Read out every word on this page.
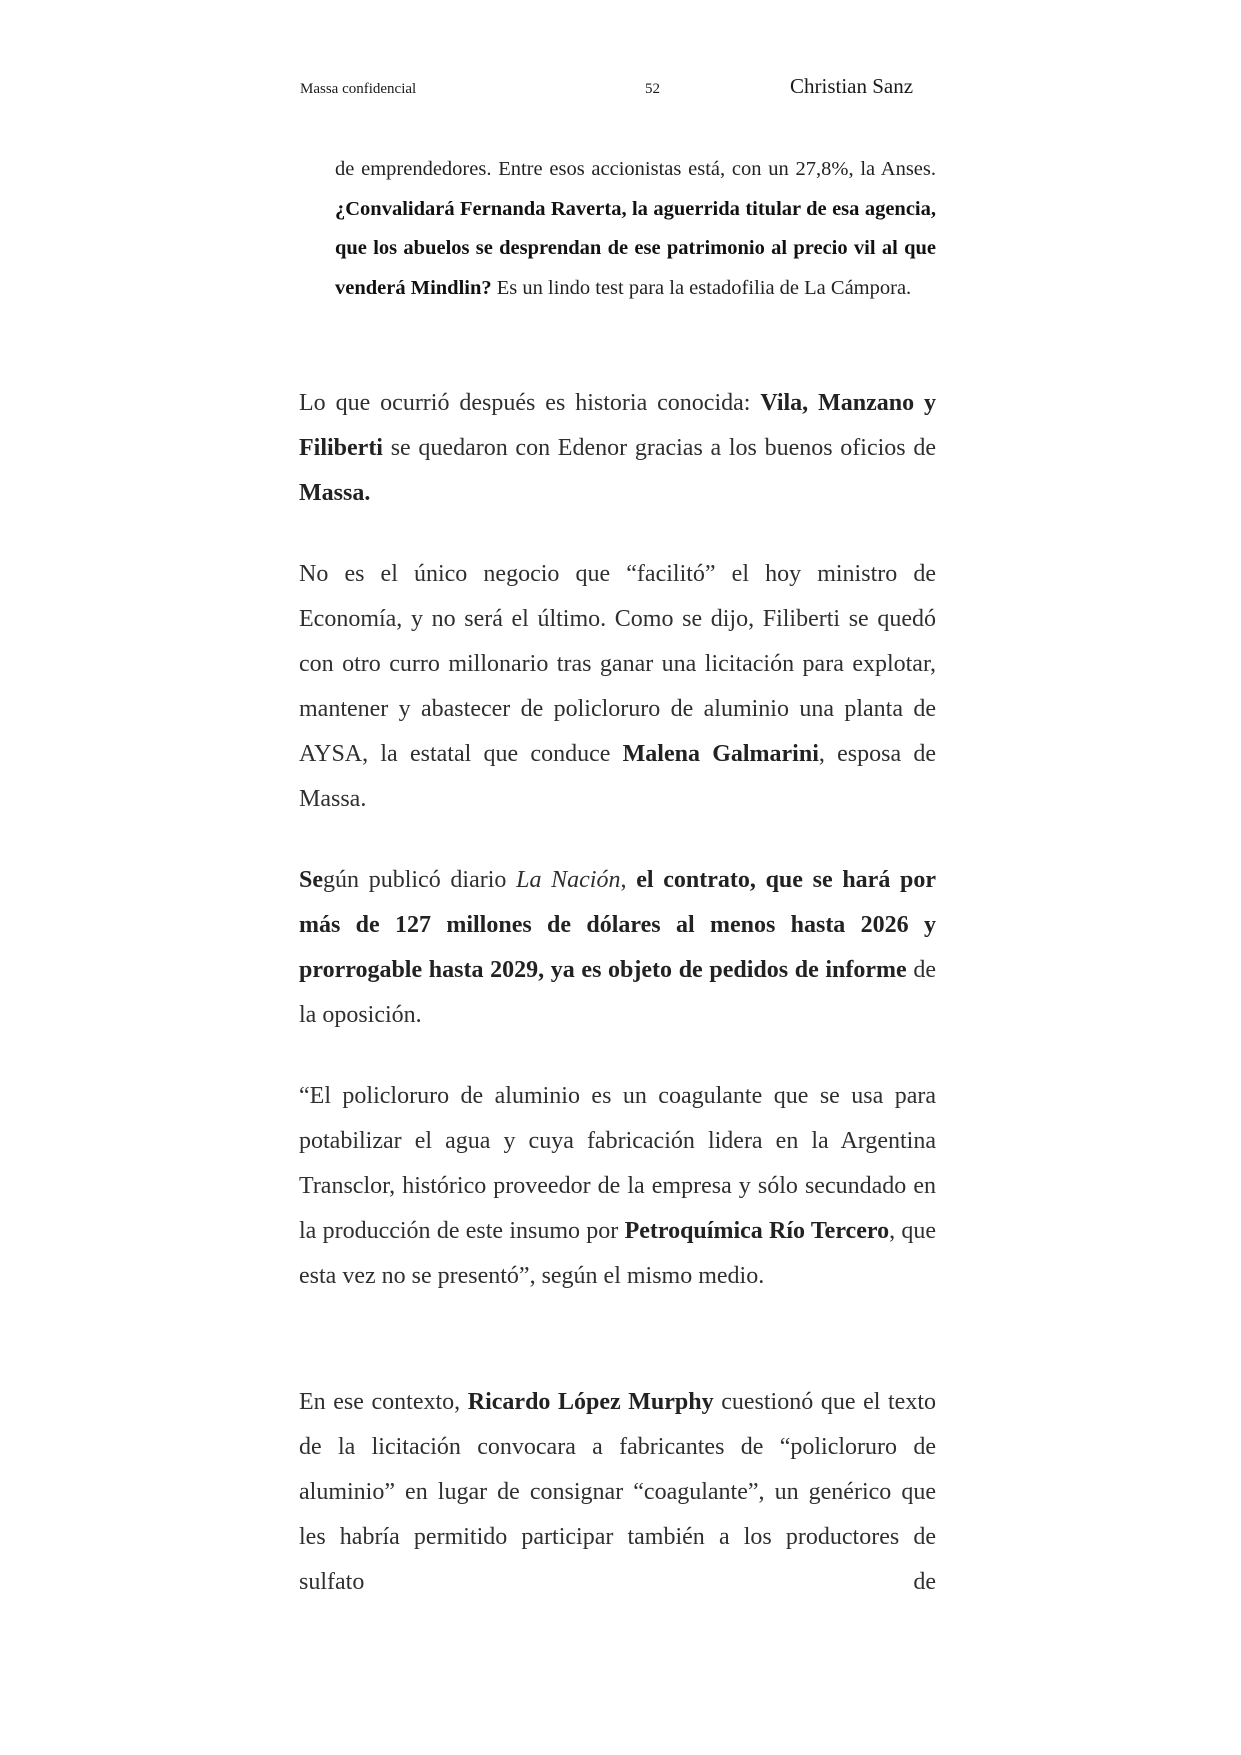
Massa confidencial	52	Christian Sanz
de emprendedores. Entre esos accionistas está, con un 27,8%, la Anses. ¿Convalidará Fernanda Raverta, la aguerrida titular de esa agencia, que los abuelos se desprendan de ese patrimonio al precio vil al que venderá Mindlin? Es un lindo test para la estadofilia de La Cámpora.
Lo que ocurrió después es historia conocida: Vila, Manzano y Filiberti se quedaron con Edenor gracias a los buenos oficios de Massa.
No es el único negocio que “facilitó” el hoy ministro de Economía, y no será el último. Como se dijo, Filiberti se quedó con otro curro millonario tras ganar una licitación para explotar, mantener y abastecer de policloruro de aluminio una planta de AYSA, la estatal que conduce Malena Galmarini, esposa de Massa.
Según publicó diario La Nación, el contrato, que se hará por más de 127 millones de dólares al menos hasta 2026 y prorrogable hasta 2029, ya es objeto de pedidos de informe de la oposición.
“El policloruro de aluminio es un coagulante que se usa para potabilizar el agua y cuya fabricación lidera en la Argentina Transclor, histórico proveedor de la empresa y sólo secundado en la producción de este insumo por Petroquímica Río Tercero, que esta vez no se presentó”, según el mismo medio.
En ese contexto, Ricardo López Murphy cuestionó que el texto de la licitación convocara a fabricantes de “policloruro de aluminio” en lugar de consignar “coagulante”, un genérico que les habría permitido participar también a los productores de sulfato de
